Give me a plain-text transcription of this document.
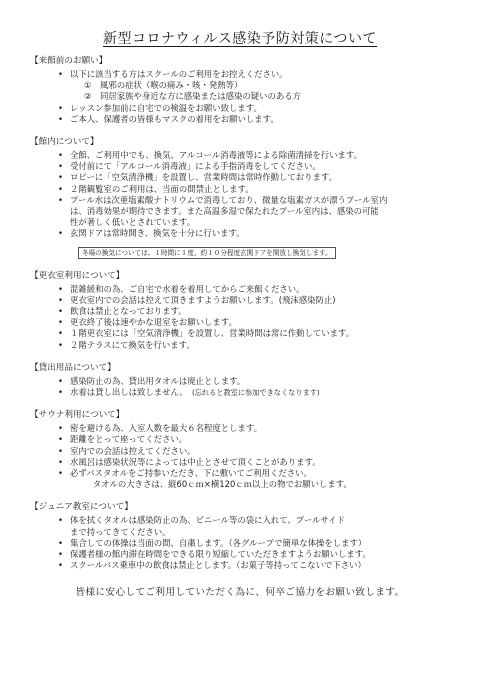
新型コロナウィルス感染予防対策について
【来館前のお願い】
• 以下に該当する方はスクールのご利用をお控えください。
① 風邪の症状（喉の痛み・咳・発熱等）
② 同居家族や身近な方に感染または感染の疑いのある方
• レッスン参加前に自宅での検温をお願い致します。
• ご本人、保護者の皆様もマスクの着用をお願いします。
【館内について】
• 全館、ご利用中でも、換気、アルコール消毒液等による除菌清掃を行います。
• 受付前にて「アルコール消毒液」による手指消毒をしてください。
• ロビーに「空気清浄機」を設置し、営業時間は常時作動しております。
• ２階観覧室のご利用は、当面の間禁止とします。
• プール水は次亜塩素酸ナトリウムで消毒しており、微量な塩素ガスが漂うプール室内
は、消毒効果が期待できます。また高温多湿で保たれたプール室内は、感染の可能
性が著しく低いとされています。
• 玄関ドアは常時開き、換気を十分に行います。
冬場の換気については、１時間に１度、約１０分程度玄関ドアを開放し換気します。
【更衣室利用について】
• 混雑緩和の為、ご自宅で水着を着用してからご来館ください。
• 更衣室内での会話は控えて頂きますようお願いします。(飛沫感染防止)
• 飲食は禁止となっております。
• 更衣終了後は速やかな退室をお願いします。
• １階更衣室には「空気清浄機」を設置し、営業時間は常に作動しています。
• ２階テラスにて換気を行います。
【貸出用品について】
• 感染防止の為、貸出用タオルは廃止とします。
• 水着は貸し出しは致しません。　 (忘れると教室に参加できなくなります)
【サウナ利用について】
• 密を避ける為、入室人数を最大６名程度とします。
• 距離をとって座ってください。
• 室内での会話は控えてください。
• 水風呂は感染状況等によっては中止とさせて頂くことがあります。
• 必ずバスタオルをご持参いただき、下に敷いてご利用ください。
　　タオルの大きさは、縦60ｃｍ×横120ｃｍ以上の物でお願いします。
【ジュニア教室について】
• 体を拭くタオルは感染防止の為、ビニール等の袋に入れて、プールサイド
まで持ってきてください。
• 集合しての体操は当面の間、自粛します。（各グループで簡単な体操をします）
• 保護者様の館内滞在時間をできる限り短縮していただきますようお願いします。
• スクールバス乗車中の飲食は禁止とします。（お菓子等持ってこないで下さい）
皆様に安心してご利用していただく為に、何卒ご協力をお願い致します。
